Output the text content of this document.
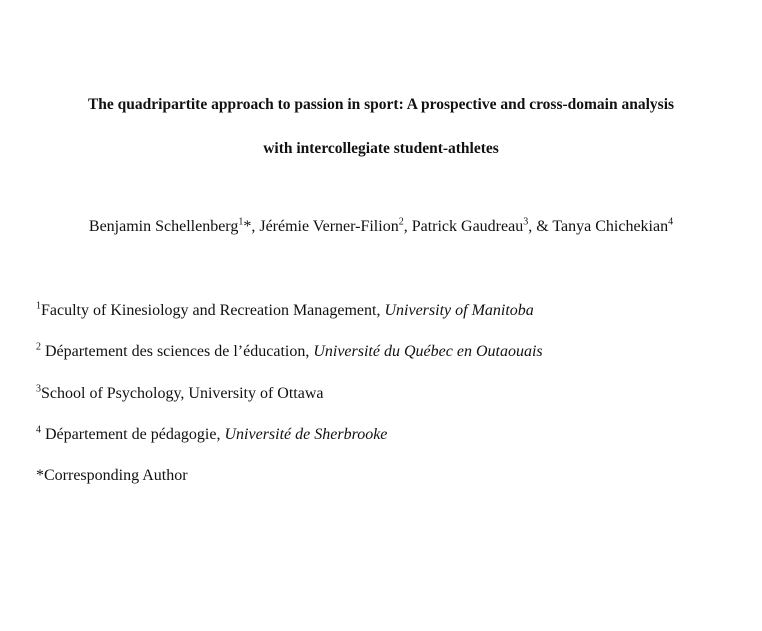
The quadripartite approach to passion in sport: A prospective and cross-domain analysis
with intercollegiate student-athletes
Benjamin Schellenberg$^1$*, Jérémie Verner-Filion$^2$, Patrick Gaudreau$^3$, & Tanya Chichekian$^4$
$^1$Faculty of Kinesiology and Recreation Management, University of Manitoba
$^2$ Département des sciences de l’éducation, Université du Québec en Outaouais
$^3$School of Psychology, University of Ottawa
$^4$ Département de pédagogie, Université de Sherbrooke
*Corresponding Author
